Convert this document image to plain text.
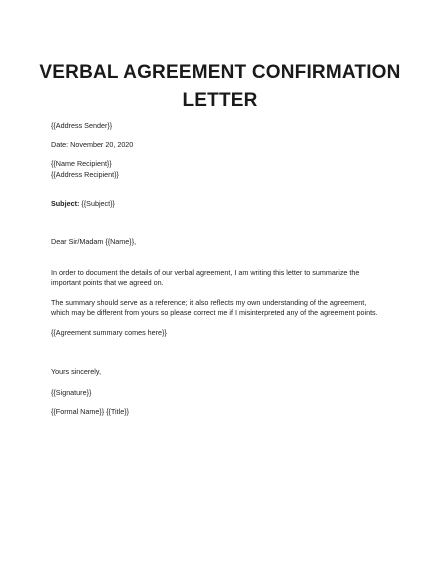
VERBAL AGREEMENT CONFIRMATION
LETTER
{{Address Sender}}
Date: November 20, 2020
{{Name Recipient}}
{{Address Recipient}}
Subject: {{Subject}}
Dear Sir/Madam {{Name}},
In order to document the details of our verbal agreement, I am writing this letter to summarize the
important points that we agreed on.
The summary should serve as a reference; it also reflects my own understanding of the agreement,
which may be different from yours so please correct me if I misinterpreted any of the agreement points.
{{Agreement summary comes here}}
Yours sincerely,
{{Signature}}
{{Formal Name}} {{Title}}
